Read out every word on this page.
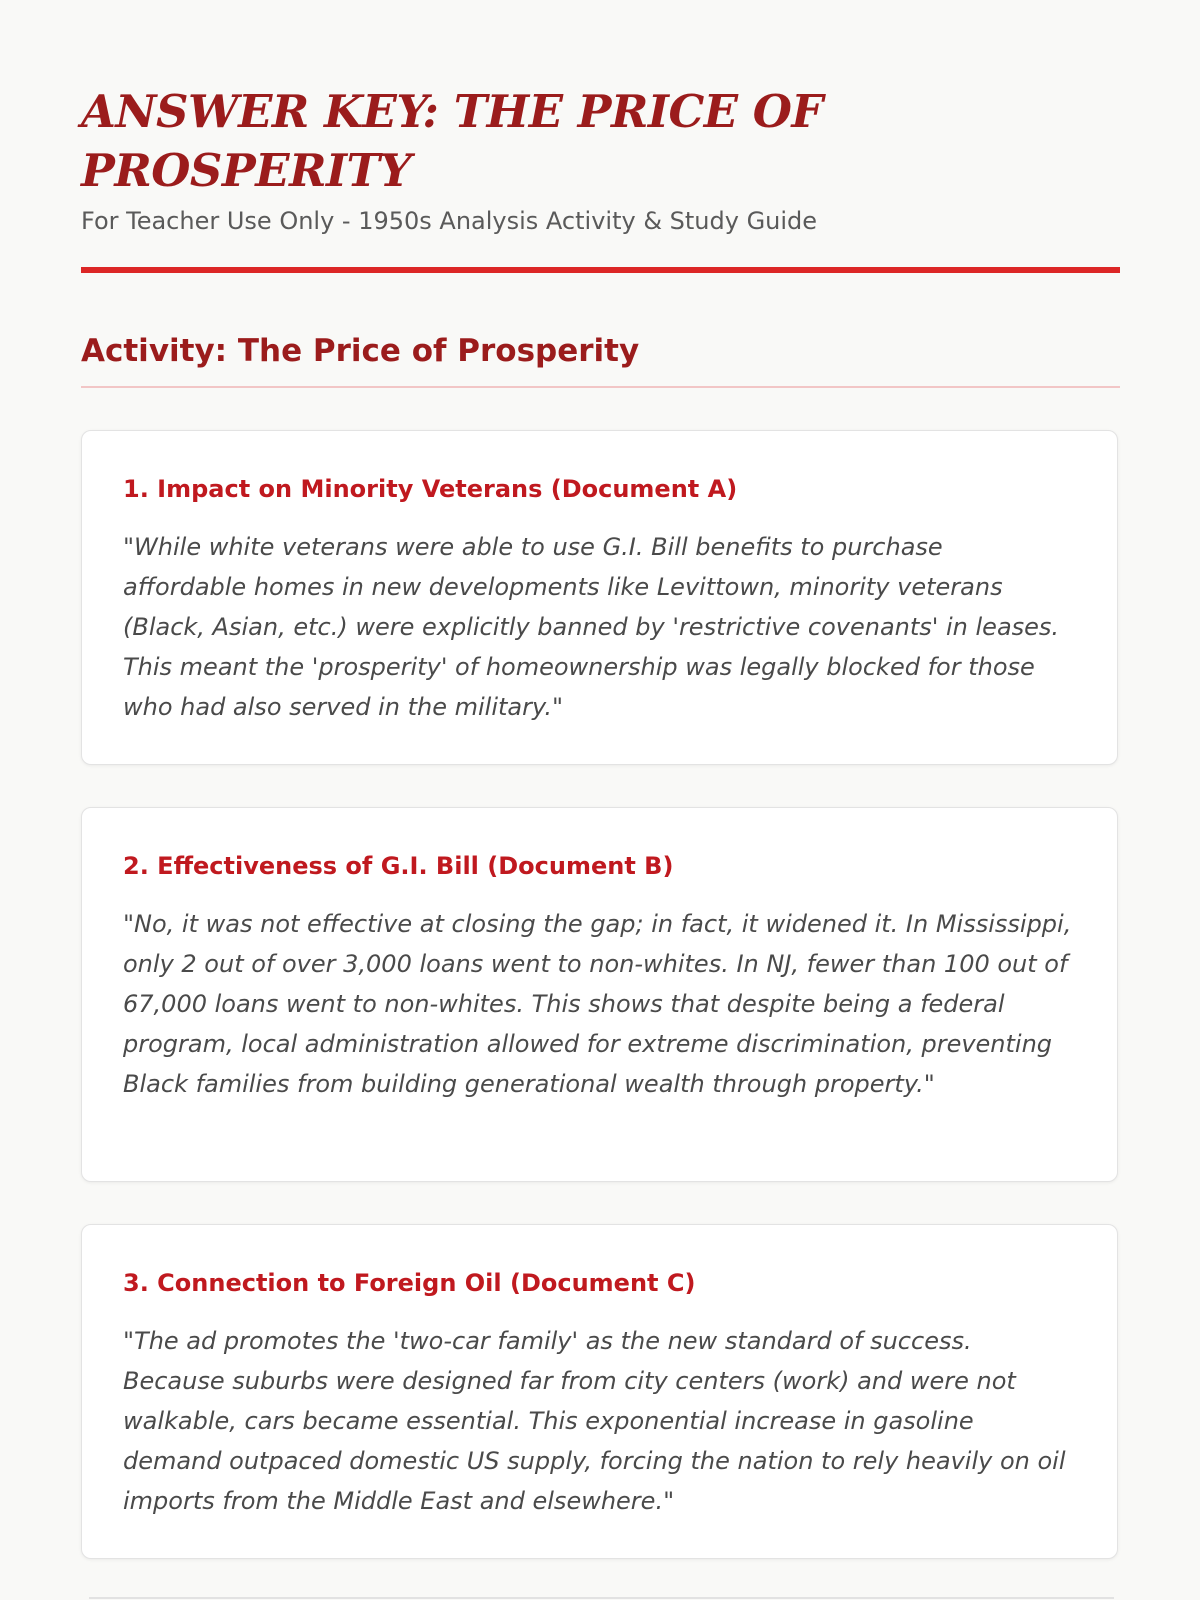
ANSWER KEY: THE PRICE OF PROSPERITY
For Teacher Use Only - 1950s Analysis Activity & Study Guide
Activity: The Price of Prosperity
1. Impact on Minority Veterans (Document A)

"While white veterans were able to use G.I. Bill benefits to purchase affordable homes in new developments like Levittown, minority veterans (Black, Asian, etc.) were explicitly banned by 'restrictive covenants' in leases. This meant the 'prosperity' of homeownership was legally blocked for those who had also served in the military."

2. Effectiveness of G.I. Bill (Document B)

"No, it was not effective at closing the gap; in fact, it widened it. In Mississippi, only 2 out of over 3,000 loans went to non-whites. In NJ, fewer than 100 out of 67,000 loans went to non-whites. This shows that despite being a federal program, local administration allowed for extreme discrimination, preventing Black families from building generational wealth through property."

3. Connection to Foreign Oil (Document C)

"The ad promotes the 'two-car family' as the new standard of success. Because suburbs were designed far from city centers (work) and were not walkable, cars became essential. This exponential increase in gasoline demand outpaced domestic US supply, forcing the nation to rely heavily on oil imports from the Middle East and elsewhere."
